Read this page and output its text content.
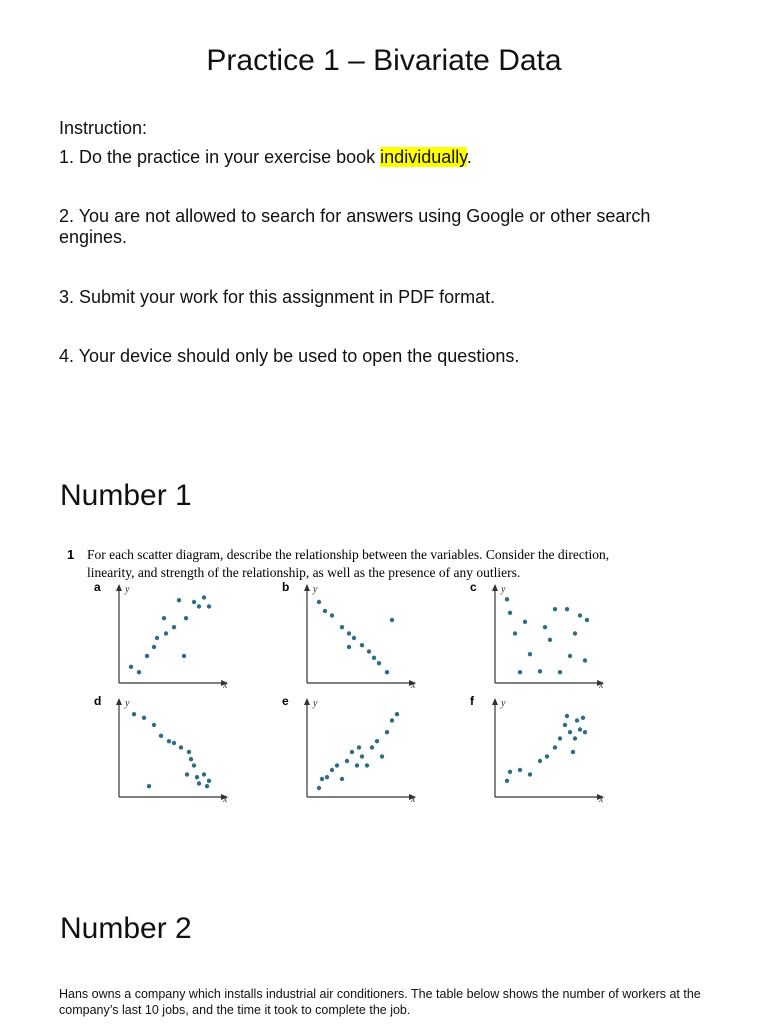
Practice 1 – Bivariate Data

Instruction:

1. Do the practice in your exercise book individually.

2. You are not allowed to search for answers using Google or other search engines.

3. Submit your work for this assignment in PDF format.

4. Your device should only be used to open the questions.

Number 1
1 For each scatter diagram, describe the relationship between the variables. Consider the direction,
linearity, and strength of the relationship, as well as the presence of any outliers.
a y
x
b y
x
c y
x
d y
x
e y
x
f	y
x
Number 2

Hans owns a company which installs industrial air conditioners. The table below shows the number of workers at the company’s last 10 jobs, and the time it took to complete the job.
